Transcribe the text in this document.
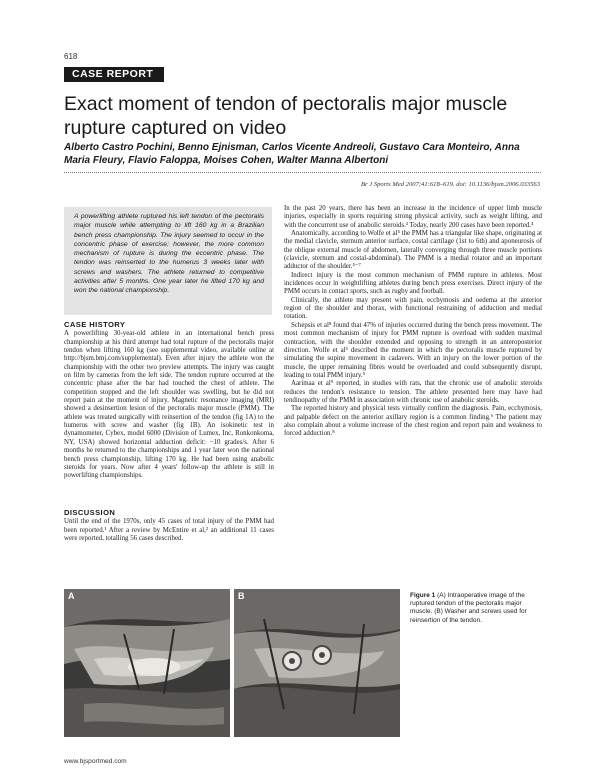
618
CASE REPORT
Exact moment of tendon of pectoralis major muscle rupture captured on video
Alberto Castro Pochini, Benno Ejnisman, Carlos Vicente Andreoli, Gustavo Cara Monteiro, Anna Maria Fleury, Flavio Faloppa, Moises Cohen, Walter Manna Albertoni
Br J Sports Med 2007;41:618–619. doi: 10.1136/bjsm.2006.033563
A powerlifting athlete ruptured his left tendon of the pectoralis major muscle while attempting to lift 160 kg in a Brazilian bench press championship. The injury seemed to occur in the concentric phase of exercise; however, the more common mechanism of rupture is during the eccentric phase. The tendon was reinserted to the humerus 3 weeks later with screws and washers. The athlete returned to competitive activities after 5 months. One year later he lifted 170 kg and won the national championship.
CASE HISTORY

A powerlifting 30-year-old athlete in an international bench press championship at his third attempt had total rupture of the pectoralis major tendon when lifting 160 kg (see supplemental video, available online at http://bjsm.bmj.com/supplemental). Even after injury the athlete won the championship with the other two preview attempts. The injury was caught on film by cameras from the left side. The tendon rupture occurred at the concentric phase after the bar had touched the chest of athlete. The competition stopped and the left shoulder was swelling, but he did not report pain at the moment of injury. Magnetic resonance imaging (MRI) showed a desinsertion lesion of the pectoralis major muscle (PMM). The athlete was treated surgically with reinsertion of the tendon (fig 1A) to the humerus with screw and washer (fig 1B). An isokinetic test in dynamometer, Cybex, model 6000 (Division of Lumex, Inc, Ronkonkoma, NY, USA) showed horizontal adduction deficit: −10 grades/s. After 6 months he returned to the championships and 1 year later won the national bench press championship, lifting 170 kg. He had been using anabolic steroids for years. Now after 4 years' follow-up the athlete is still in powerlifting championships.

DISCUSSION

Until the end of the 1970s, only 45 cases of total injury of the PMM had been reported.¹ After a review by McEntire et al,² an additional 11 cases were reported, totalling 56 cases described.

In the past 20 years, there has been an increase in the incidence of upper limb muscle injuries, especially in sports requiring strong physical activity, such as weight lifting, and with the concurrent use of anabolic steroids.³ Today, nearly 200 cases have been reported.⁴

Anatomically, according to Wolfe et al⁵ the PMM has a triangular like shape, originating at the medial clavicle, sternum anterior surface, costal cartilage (1st to 6th) and aponeurosis of the oblique external muscle of abdomen, laterally converging through three muscle portions (clavicle, sternum and costal-abdominal). The PMM is a medial rotator and an important adductor of the shoulder.⁵⁻⁷

Indirect injury is the most common mechanism of PMM rupture in athletes. Most incidences occur in weightlifting athletes during bench press exercises. Direct injury of the PMM occurs in contact sports, such as rugby and football.

Clinically, the athlete may present with pain, ecchymosis and oedema at the anterior region of the shoulder and thorax, with functional restraining of adduction and medial rotation.

Schepsis et al⁸ found that 47% of injuries occurred during the bench press movement. The most common mechanism of injury for PMM rupture is overload with sudden maximal contraction, with the shoulder extended and opposing to strength in an anteroposterior direction. Wolfe et al⁵ described the moment in which the pectoralis muscle ruptured by simulating the supine movement in cadavers. With an injury on the lower portion of the muscle, the upper remaining fibres would be overloaded and could subsequently disrupt, leading to total PMM injury.⁵

Aarimaa et al⁹ reported, in studies with rats, that the chronic use of anabolic steroids reduces the tendon's resistance to tension. The athlete presented here may have had tendinopathy of the PMM in association with chronic use of anabolic steroids.

The reported history and physical tests virtually confirm the diagnosis. Pain, ecchymosis, and palpable defect on the anterior axillary region is a common finding.⁶ The patient may also complain about a volume increase of the chest region and report pain and weakness to forced adduction.⁸

A	B	Figure 1 (A) Intraoperative image of the ruptured tendon of the pectoralis major muscle. (B) Washer and screws used for reinsertion of the tendon.
www.bjsportmed.com
